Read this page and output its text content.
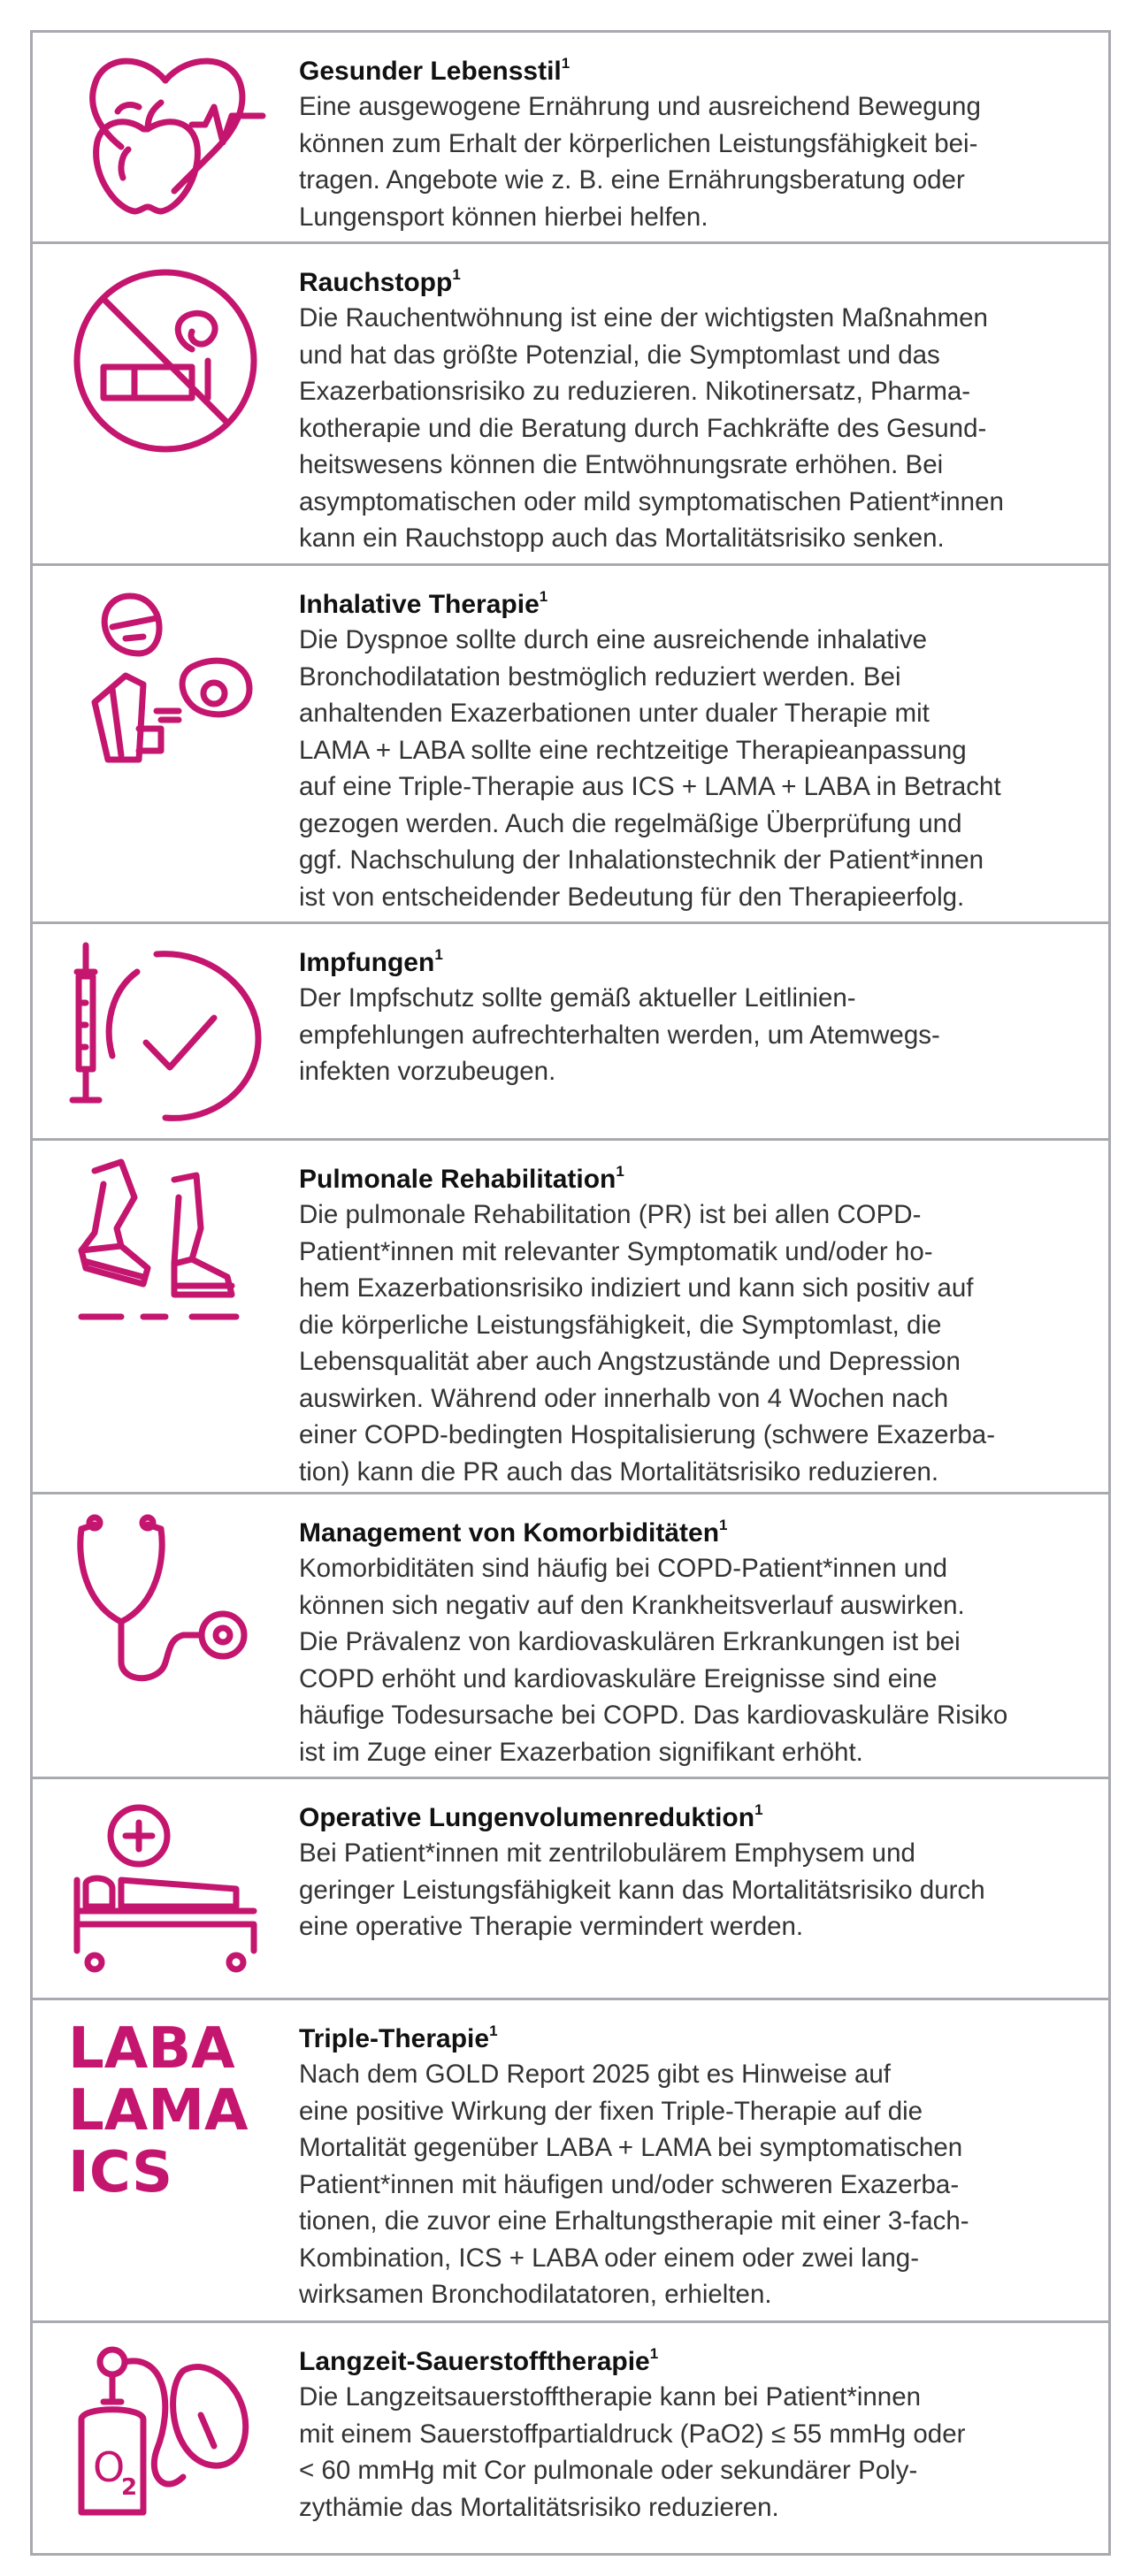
Gesunder Lebensstil$^1$
Eine ausgewogene Ernährung und ausreichend Bewegung
können zum Erhalt der körperlichen Leistungsfähigkeit bei-
tragen. Angebote wie z. B. eine Ernährungsberatung oder
Lungensport können hierbei helfen.
Rauchstopp$^1$
Die Rauchentwöhnung ist eine der wichtigsten Maßnahmen
und hat das größte Potenzial, die Symptomlast und das
Exazerbationsrisiko zu reduzieren. Nikotinersatz, Pharma-
kotherapie und die Beratung durch Fachkräfte des Gesund-
heitswesens können die Entwöhnungsrate erhöhen. Bei
asymptomatischen oder mild symptomatischen Patient*innen
kann ein Rauchstopp auch das Mortalitätsrisiko senken.
Inhalative Therapie$^1$
Die Dyspnoe sollte durch eine ausreichende inhalative
Bronchodilatation bestmöglich reduziert werden. Bei
anhaltenden Exazerbationen unter dualer Therapie mit
LAMA + LABA sollte eine rechtzeitige Therapieanpassung
auf eine Triple-Therapie aus ICS + LAMA + LABA in Betracht
gezogen werden. Auch die regelmäßige Überprüfung und
ggf. Nachschulung der Inhalationstechnik der Patient*innen
ist von entscheidender Bedeutung für den Therapieerfolg.
Impfungen$^1$
Der Impfschutz sollte gemäß aktueller Leitlinien-
empfehlungen aufrechterhalten werden, um Atemwegs-
infekten vorzubeugen.
Pulmonale Rehabilitation$^1$
Die pulmonale Rehabilitation (PR) ist bei allen COPD-
Patient*innen mit relevanter Symptomatik und/oder ho-
hem Exazerbationsrisiko indiziert und kann sich positiv auf
die körperliche Leistungsfähigkeit, die Symptomlast, die
Lebensqualität aber auch Angstzustände und Depression
auswirken. Während oder innerhalb von 4 Wochen nach
einer COPD-bedingten Hospitalisierung (schwere Exazerba-
tion) kann die PR auch das Mortalitätsrisiko reduzieren.
Management von Komorbiditäten$^1$
Komorbiditäten sind häufig bei COPD-Patient*innen und
können sich negativ auf den Krankheitsverlauf auswirken.
Die Prävalenz von kardiovaskulären Erkrankungen ist bei
COPD erhöht und kardiovaskuläre Ereignisse sind eine
häufige Todesursache bei COPD. Das kardiovaskuläre Risiko
ist im Zuge einer Exazerbation signifikant erhöht.
Operative Lungenvolumenreduktion$^1$
Bei Patient*innen mit zentrilobulärem Emphysem und
geringer Leistungsfähigkeit kann das Mortalitätsrisiko durch
eine operative Therapie vermindert werden.
LABA
LAMA
ICS
Triple-Therapie$^1$
Nach dem GOLD Report 2025 gibt es Hinweise auf
eine positive Wirkung der fixen Triple-Therapie auf die
Mortalität gegenüber LABA + LAMA bei symptomatischen
Patient*innen mit häufigen und/oder schweren Exazerba-
tionen, die zuvor eine Erhaltungstherapie mit einer 3-fach-
Kombination, ICS + LABA oder einem oder zwei lang-
wirksamen Bronchodilatatoren, erhielten.
O
2
Langzeit-Sauerstofftherapie$^1$
Die Langzeitsauerstofftherapie kann bei Patient*innen
mit einem Sauerstoffpartialdruck (PaO2) ≤ 55 mmHg oder
< 60 mmHg mit Cor pulmonale oder sekundärer Poly-
zythämie das Mortalitätsrisiko reduzieren.
